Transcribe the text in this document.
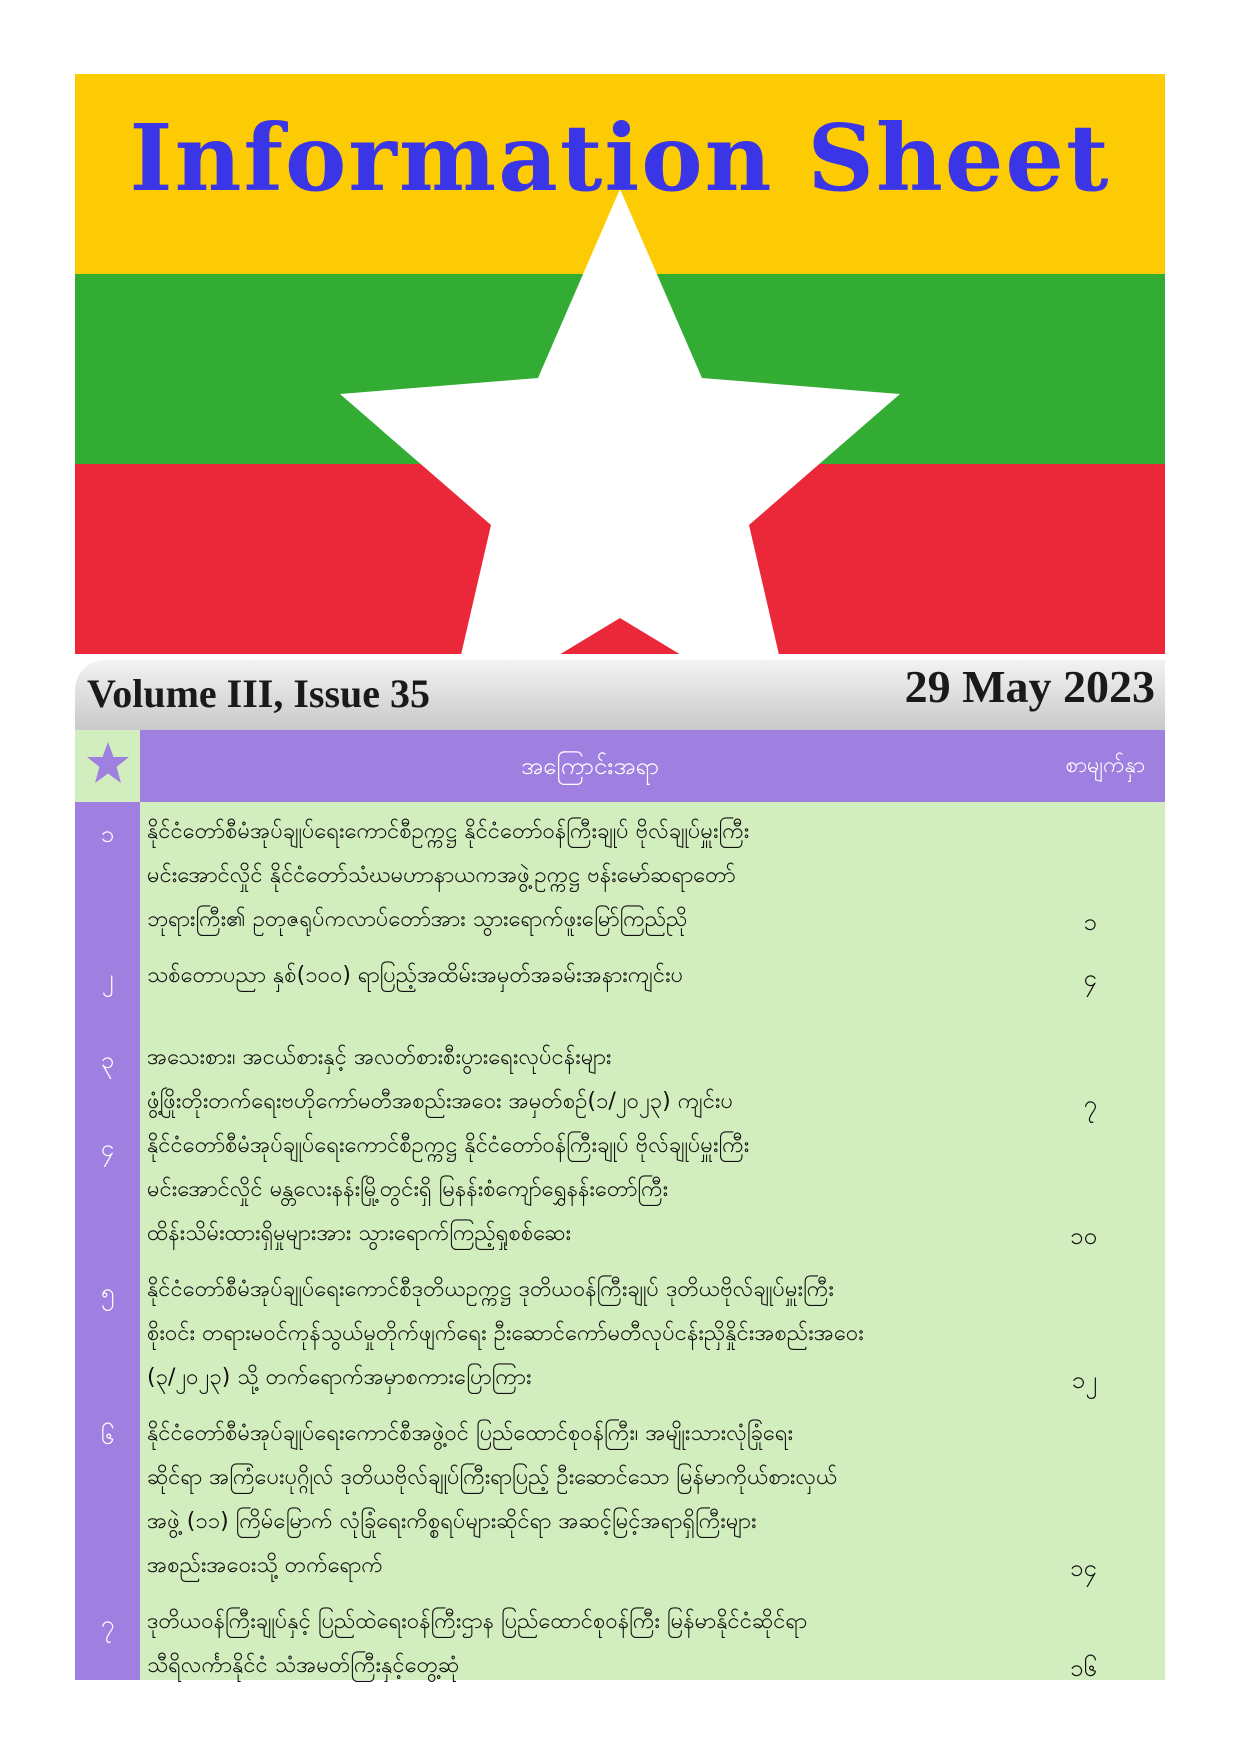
Information Sheet
Volume III, Issue 35	29 May 2023
အကြောင်းအရာ	စာမျက်နှာ
၁	နိုင်ငံတော်စီမံအုပ်ချုပ်ရေးကောင်စီဥက္ကဋ္ဌ နိုင်ငံတော်ဝန်ကြီးချုပ် ဗိုလ်ချုပ်မှူးကြီး
မင်းအောင်လှိုင် နိုင်ငံတော်သံဃမဟာနာယကအဖွဲ့ဥက္ကဋ္ဌ ဗန်းမော်ဆရာတော်
ဘုရားကြီး၏ ဥတုဇရုပ်ကလာပ်တော်အား သွားရောက်ဖူးမြော်ကြည်ညို	၁
၂	သစ်တောပညာ နှစ်(၁၀၀) ရာပြည့်အထိမ်းအမှတ်အခမ်းအနားကျင်းပ	၄
၃	အသေးစား၊ အငယ်စားနှင့် အလတ်စားစီးပွားရေးလုပ်ငန်းများ
ဖွံ့ဖြိုးတိုးတက်ရေးဗဟိုကော်မတီအစည်းအဝေး အမှတ်စဉ်(၁/၂၀၂၃) ကျင်းပ	၇
၄	နိုင်ငံတော်စီမံအုပ်ချုပ်ရေးကောင်စီဥက္ကဋ္ဌ နိုင်ငံတော်ဝန်ကြီးချုပ် ဗိုလ်ချုပ်မှူးကြီး
မင်းအောင်လှိုင် မန္တလေးနန်းမြို့တွင်းရှိ မြနန်းစံကျော်ရွှေနန်းတော်ကြီး
ထိန်းသိမ်းထားရှိမှုများအား သွားရောက်ကြည့်ရှုစစ်ဆေး	၁၀
၅	နိုင်ငံတော်စီမံအုပ်ချုပ်ရေးကောင်စီဒုတိယဥက္ကဋ္ဌ ဒုတိယဝန်ကြီးချုပ် ဒုတိယဗိုလ်ချုပ်မှူးကြီး
စိုးဝင်း တရားမဝင်ကုန်သွယ်မှုတိုက်ဖျက်ရေး ဦးဆောင်ကော်မတီလုပ်ငန်းညှိနှိုင်းအစည်းအဝေး
(၃/၂၀၂၃) သို့ တက်ရောက်အမှာစကားပြောကြား	၁၂
၆	နိုင်ငံတော်စီမံအုပ်ချုပ်ရေးကောင်စီအဖွဲ့ဝင် ပြည်ထောင်စုဝန်ကြီး၊ အမျိုးသားလုံခြုံရေး
ဆိုင်ရာ အကြံပေးပုဂ္ဂိုလ် ဒုတိယဗိုလ်ချုပ်ကြီးရာပြည့် ဦးဆောင်သော မြန်မာကိုယ်စားလှယ်
အဖွဲ့ (၁၁) ကြိမ်မြောက် လုံခြုံရေးကိစ္စရပ်များဆိုင်ရာ အဆင့်မြင့်အရာရှိကြီးများ
အစည်းအဝေးသို့ တက်ရောက်	၁၄
၇	ဒုတိယဝန်ကြီးချုပ်နှင့် ပြည်ထဲရေးဝန်ကြီးဌာန ပြည်ထောင်စုဝန်ကြီး မြန်မာနိုင်ငံဆိုင်ရာ
သီရိလင်္ကာနိုင်ငံ သံအမတ်ကြီးနှင့်တွေ့ဆုံ	၁၆
